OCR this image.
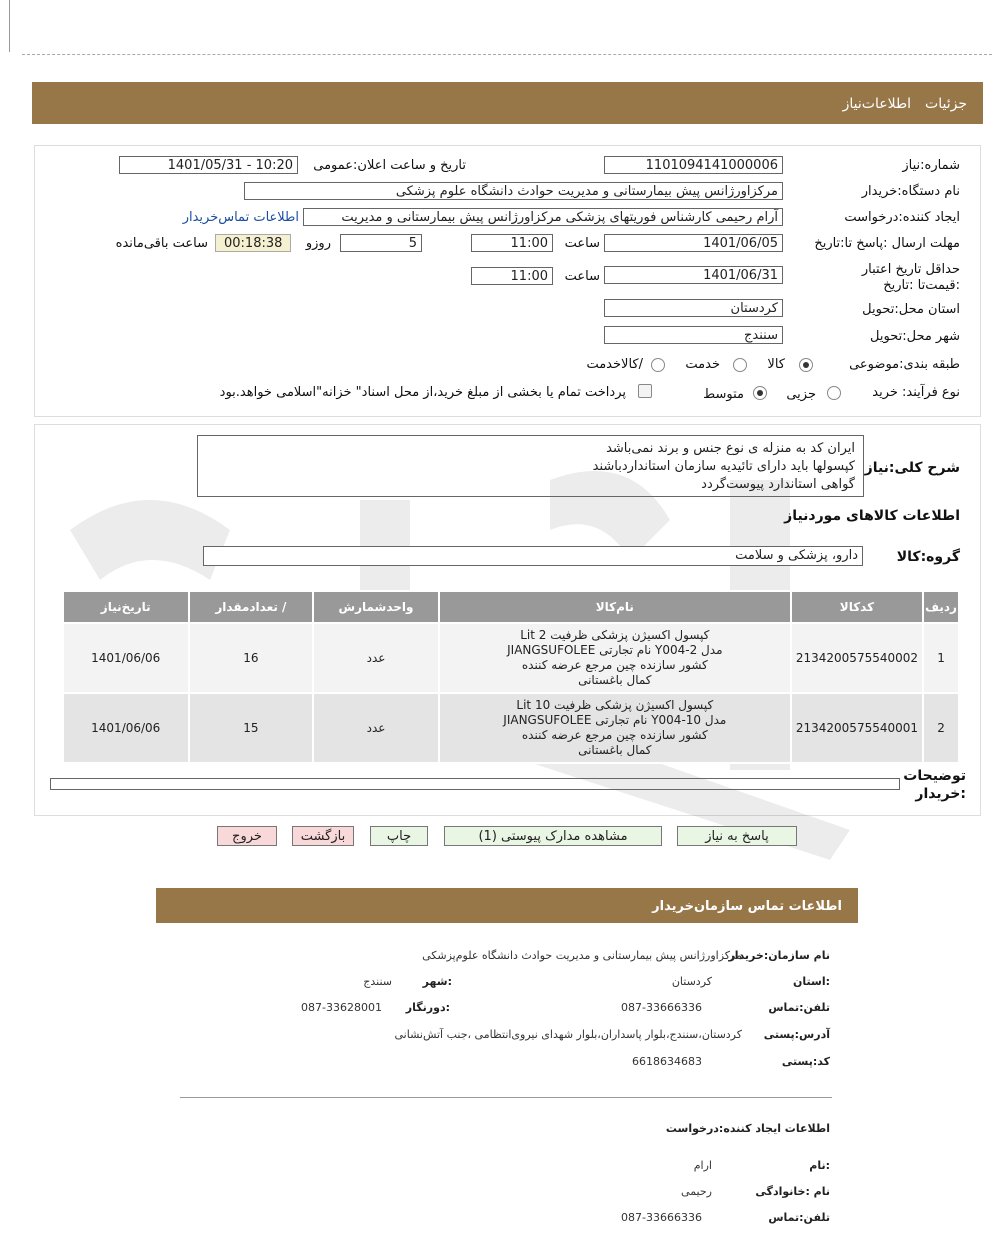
جزئیات
اطلاعات‌نیاز
شماره:نیاز
1101094141000006
تاریخ و ساعت اعلان:عمومی
1401/05/31 - 10:20
نام دستگاه:خریدار
مرکزاورژانس پیش بیمارستانی و مدیریت حوادث دانشگاه علوم پزشکی
ایجاد کننده:درخواست
آرام رحیمی کارشناس فوریتهای پزشکی مرکزاورژانس پیش بیمارستانی و مدیریت
اطلاعات تماس‌خریدار
مهلت ارسال :پاسخ تا:تاریخ
1401/06/05
ساعت
11:00
5
روزو
00:18:38
ساعت باقی‌مانده
حداقل تاریخ اعتبار :قیمت‌تا :تاریخ
1401/06/31
ساعت
11:00
استان محل:تحویل
کردستان
شهر محل:تحویل
سنندج
طبقه بندی:موضوعی
کالا
خدمت
/کالاخدمت
نوع فرآیند: خرید
جزیی
متوسط
پرداخت تمام یا بخشی از مبلغ خرید،از محل اسناد" خزانه"اسلامی خواهد.بود
شرح کلی:نیاز
ایران کد به منزله ی نوع جنس و برند نمی‌باشد
کپسولها باید دارای تائیدیه سازمان استانداردباشند
گواهی استاندارد پیوست‌گردد
اطلاعات کالاهای موردنیاز
گروه:کالا
دارو، پزشکی و سلامت
ردیف	کدکالا	نام‌کالا	واحدشمارش	/ تعدادمقدار	تاریخ‌نیاز
1	2134200575540002	کپسول اکسیژن پزشکی ظرفیت 2 Lit
مدل Y004-2 نام تجارتی JIANGSUFOLEE
کشور سازنده چین مرجع عرضه کننده
کمال باغستانی	عدد	16	1401/06/06
2	2134200575540001	کپسول اکسیژن پزشکی ظرفیت 10 Lit
مدل Y004-10 نام تجارتی JIANGSUFOLEE
کشور سازنده چین مرجع عرضه کننده
کمال باغستانی	عدد	15	1401/06/06
توضیحات
:خریدار
پاسخ به نیاز
مشاهده مدارک پیوستی (1)
چاپ
بازگشت
خروج
اطلاعات تماس سازمان‌خریدار
نام سازمان:خریدار
مرکزاورژانس پیش بیمارستانی و مدیریت حوادث دانشگاه علوم‌پزشکی
:استان
کردستان
:شهر
سنندج
تلفن:تماس
087-33666336
:دورنگار
087-33628001
آدرس:پستی
کردستان،سنندج،بلوار پاسداران،بلوار شهدای نیروی‌انتظامی ،جنب آتش‌نشانی
کد:پستی
6618634683
اطلاعات ایجاد کننده:درخواست
:نام
ارام
نام :خانوادگی
رحیمی
تلفن:تماس
087-33666336
